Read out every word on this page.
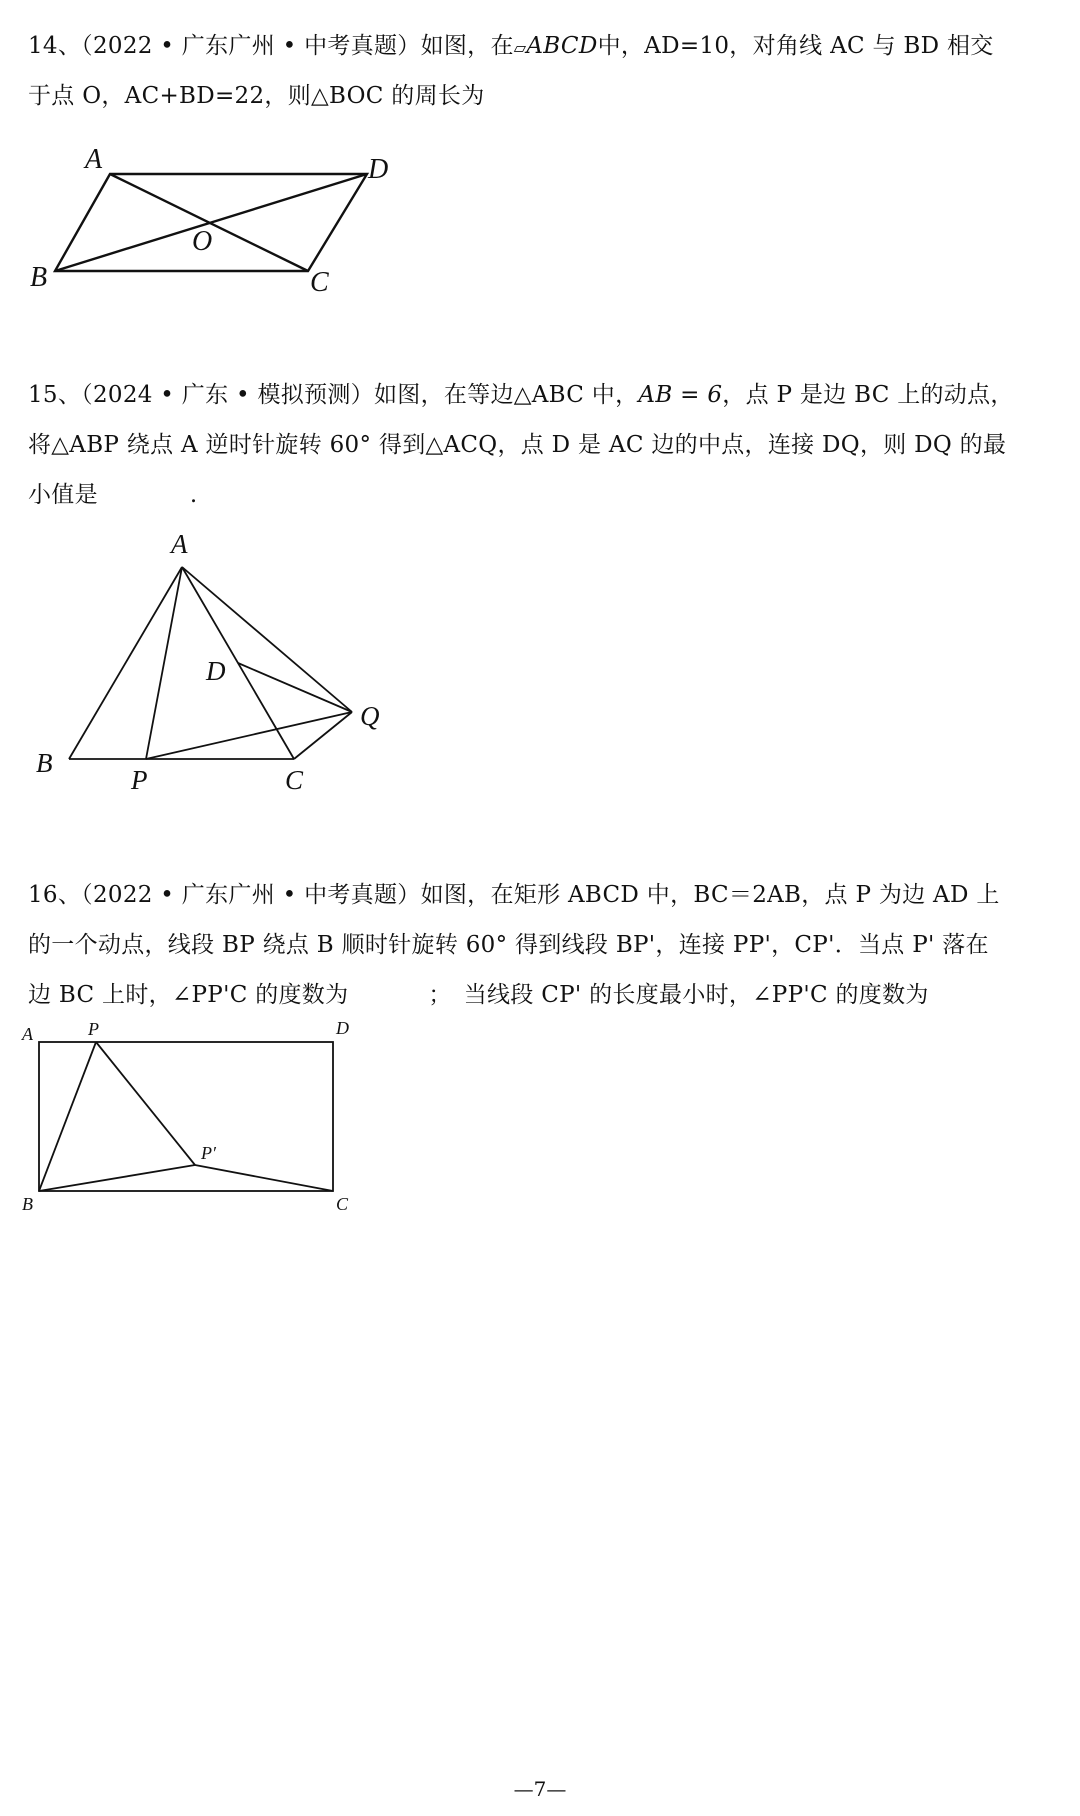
14、（2022 • 广东广州 • 中考真题）如图，在▱ABCD中，AD=10，对角线 AC 与 BD 相交
于点 O，AC+BD=22，则△BOC 的周长为
A	D
O
B	C
15、（2024 • 广东 • 模拟预测）如图，在等边△ABC 中，AB = 6，点 P 是边 BC 上的动点，
将△ABP 绕点 A 逆时针旋转 60° 得到△ACQ，点 D 是 AC 边的中点，连接 DQ，则 DQ 的最
小值是	.
A
D
Q
B
P	C
16、（2022 • 广东广州 • 中考真题）如图，在矩形 ABCD 中，BC＝2AB，点 P 为边 AD 上
的一个动点，线段 BP 绕点 B 顺时针旋转 60° 得到线段 BP'，连接 PP'，CP'．当点 P' 落在
边 BC 上时，∠PP'C 的度数为	； 当线段 CP' 的长度最小时，∠PP'C 的度数为
A	P	D
P′
B	C
—7—
